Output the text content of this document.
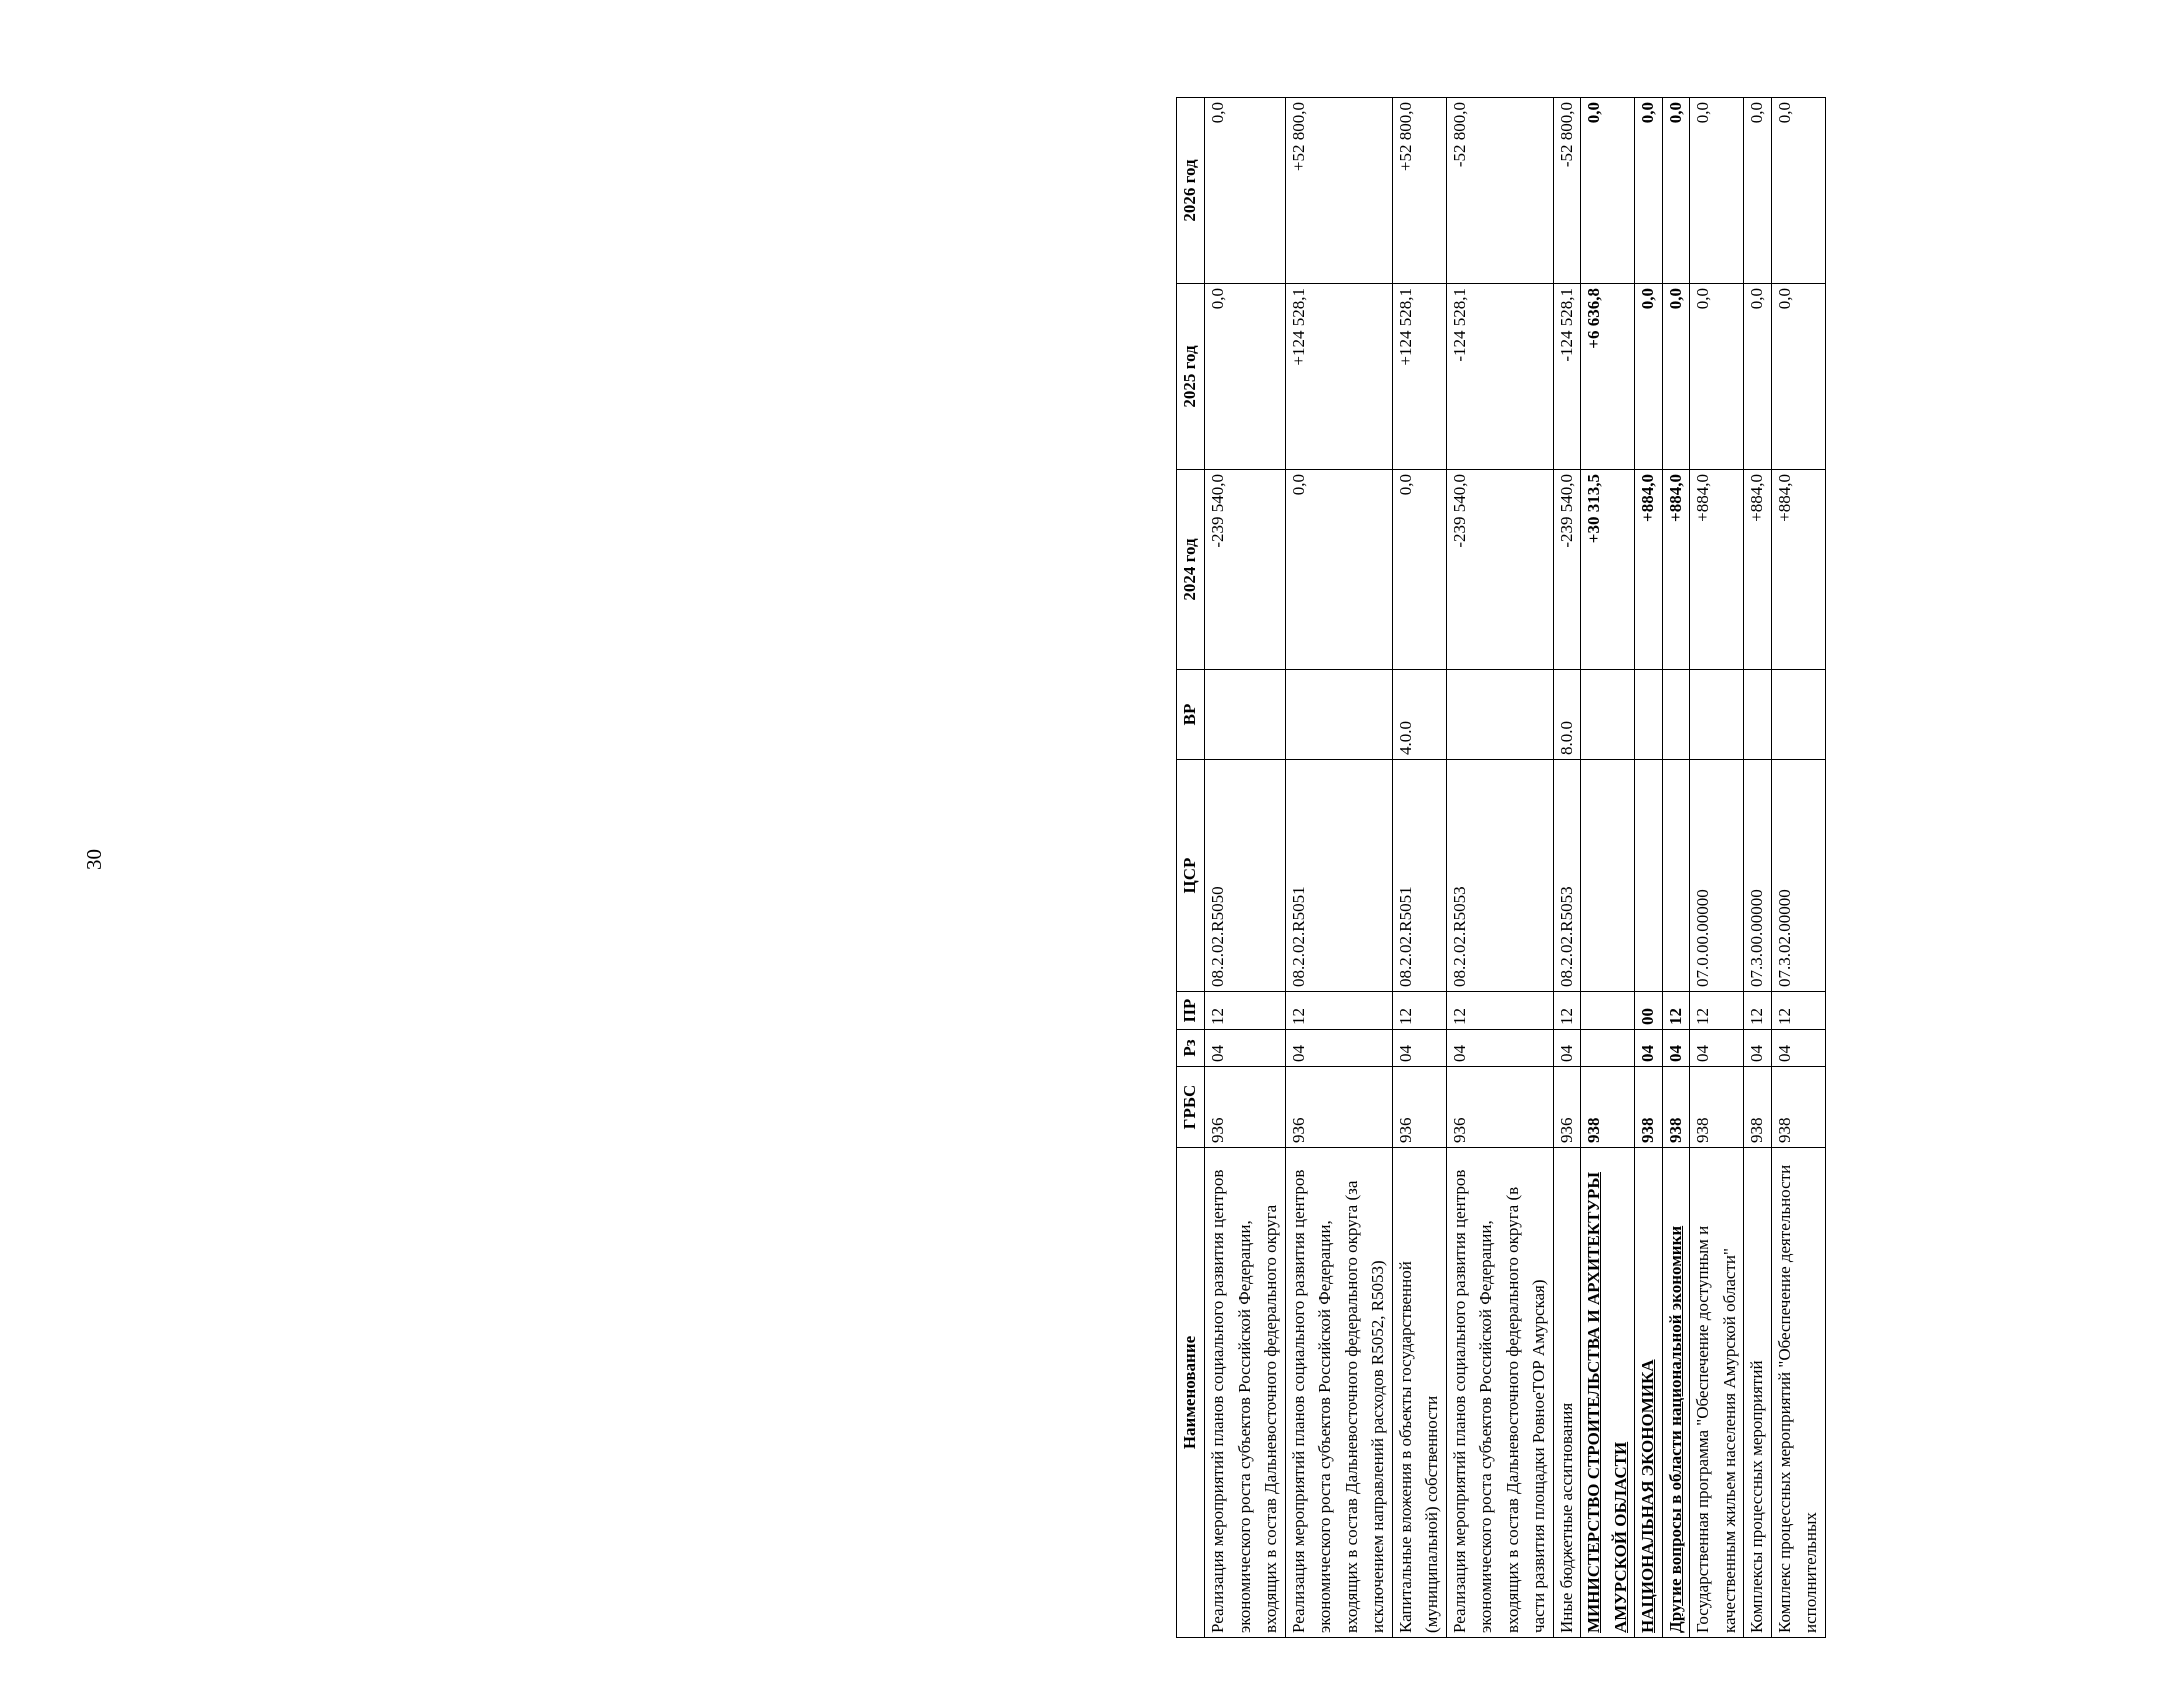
30
Наименование	ГРБС	Рз	ПР	ЦСР	ВР	2024 год	2025 год	2026 год
Реализация мероприятий планов социального развития центров экономического роста субъектов Российской Федерации, входящих в состав Дальневосточного федерального округа	936	04	12	08.2.02.R5050		-239 540,0	0,0	0,0
Реализация мероприятий планов социального развития центров экономического роста субъектов Российской Федерации, входящих в состав Дальневосточного федерального округа (за исключением направлений расходов R5052, R5053)	936	04	12	08.2.02.R5051		0,0	+124 528,1	+52 800,0
Капитальные вложения в объекты государственной (муниципальной) собственности	936	04	12	08.2.02.R5051	4.0.0	0,0	+124 528,1	+52 800,0
Реализация мероприятий планов социального развития центров экономического роста субъектов Российской Федерации, входящих в состав Дальневосточного федерального округа (в части развития площадки РовноеТОР Амурская)	936	04	12	08.2.02.R5053		-239 540,0	-124 528,1	-52 800,0
Иные бюджетные ассигнования	936	04	12	08.2.02.R5053	8.0.0	-239 540,0	-124 528,1	-52 800,0
МИНИСТЕРСТВО СТРОИТЕЛЬСТВА И АРХИТЕКТУРЫ АМУРСКОЙ ОБЛАСТИ	938					+30 313,5	+6 636,8	0,0
НАЦИОНАЛЬНАЯ ЭКОНОМИКА	938	04	00			+884,0	0,0	0,0
Другие вопросы в области национальной экономики	938	04	12			+884,0	0,0	0,0
Государственная программа "Обеспечение доступным и качественным жильем населения Амурской области"	938	04	12	07.0.00.00000		+884,0	0,0	0,0
Комплексы процессных мероприятий	938	04	12	07.3.00.00000		+884,0	0,0	0,0
Комплекс процессных мероприятий "Обеспечение деятельности исполнительных	938	04	12	07.3.02.00000		+884,0	0,0	0,0
